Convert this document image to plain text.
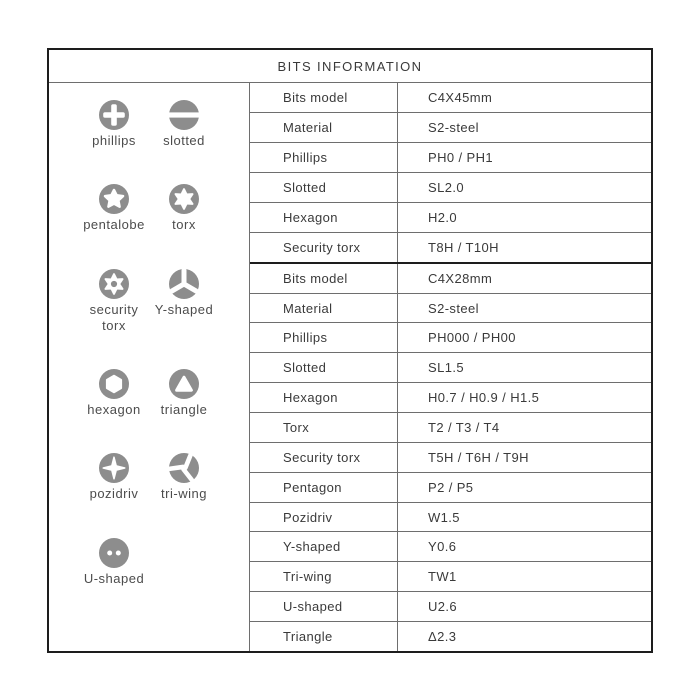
BITS INFORMATION
phillips slotted
pentalobe torx
security torx
Y-shaped
hexagon triangle
pozidriv tri-wing
U-shaped
Bits model	C4X45mm
Material	S2-steel
Phillips	PH0 / PH1
Slotted	SL2.0
Hexagon	H2.0
Security torx	T8H / T10H
Bits model	C4X28mm
Material	S2-steel
Phillips	PH000 / PH00
Slotted	SL1.5
Hexagon	H0.7 / H0.9 / H1.5
Torx	T2 / T3 / T4
Security torx	T5H / T6H / T9H
Pentagon	P2 / P5
Pozidriv	W1.5
Y-shaped	Y0.6
Tri-wing	TW1
U-shaped	U2.6
Triangle	Δ2.3
